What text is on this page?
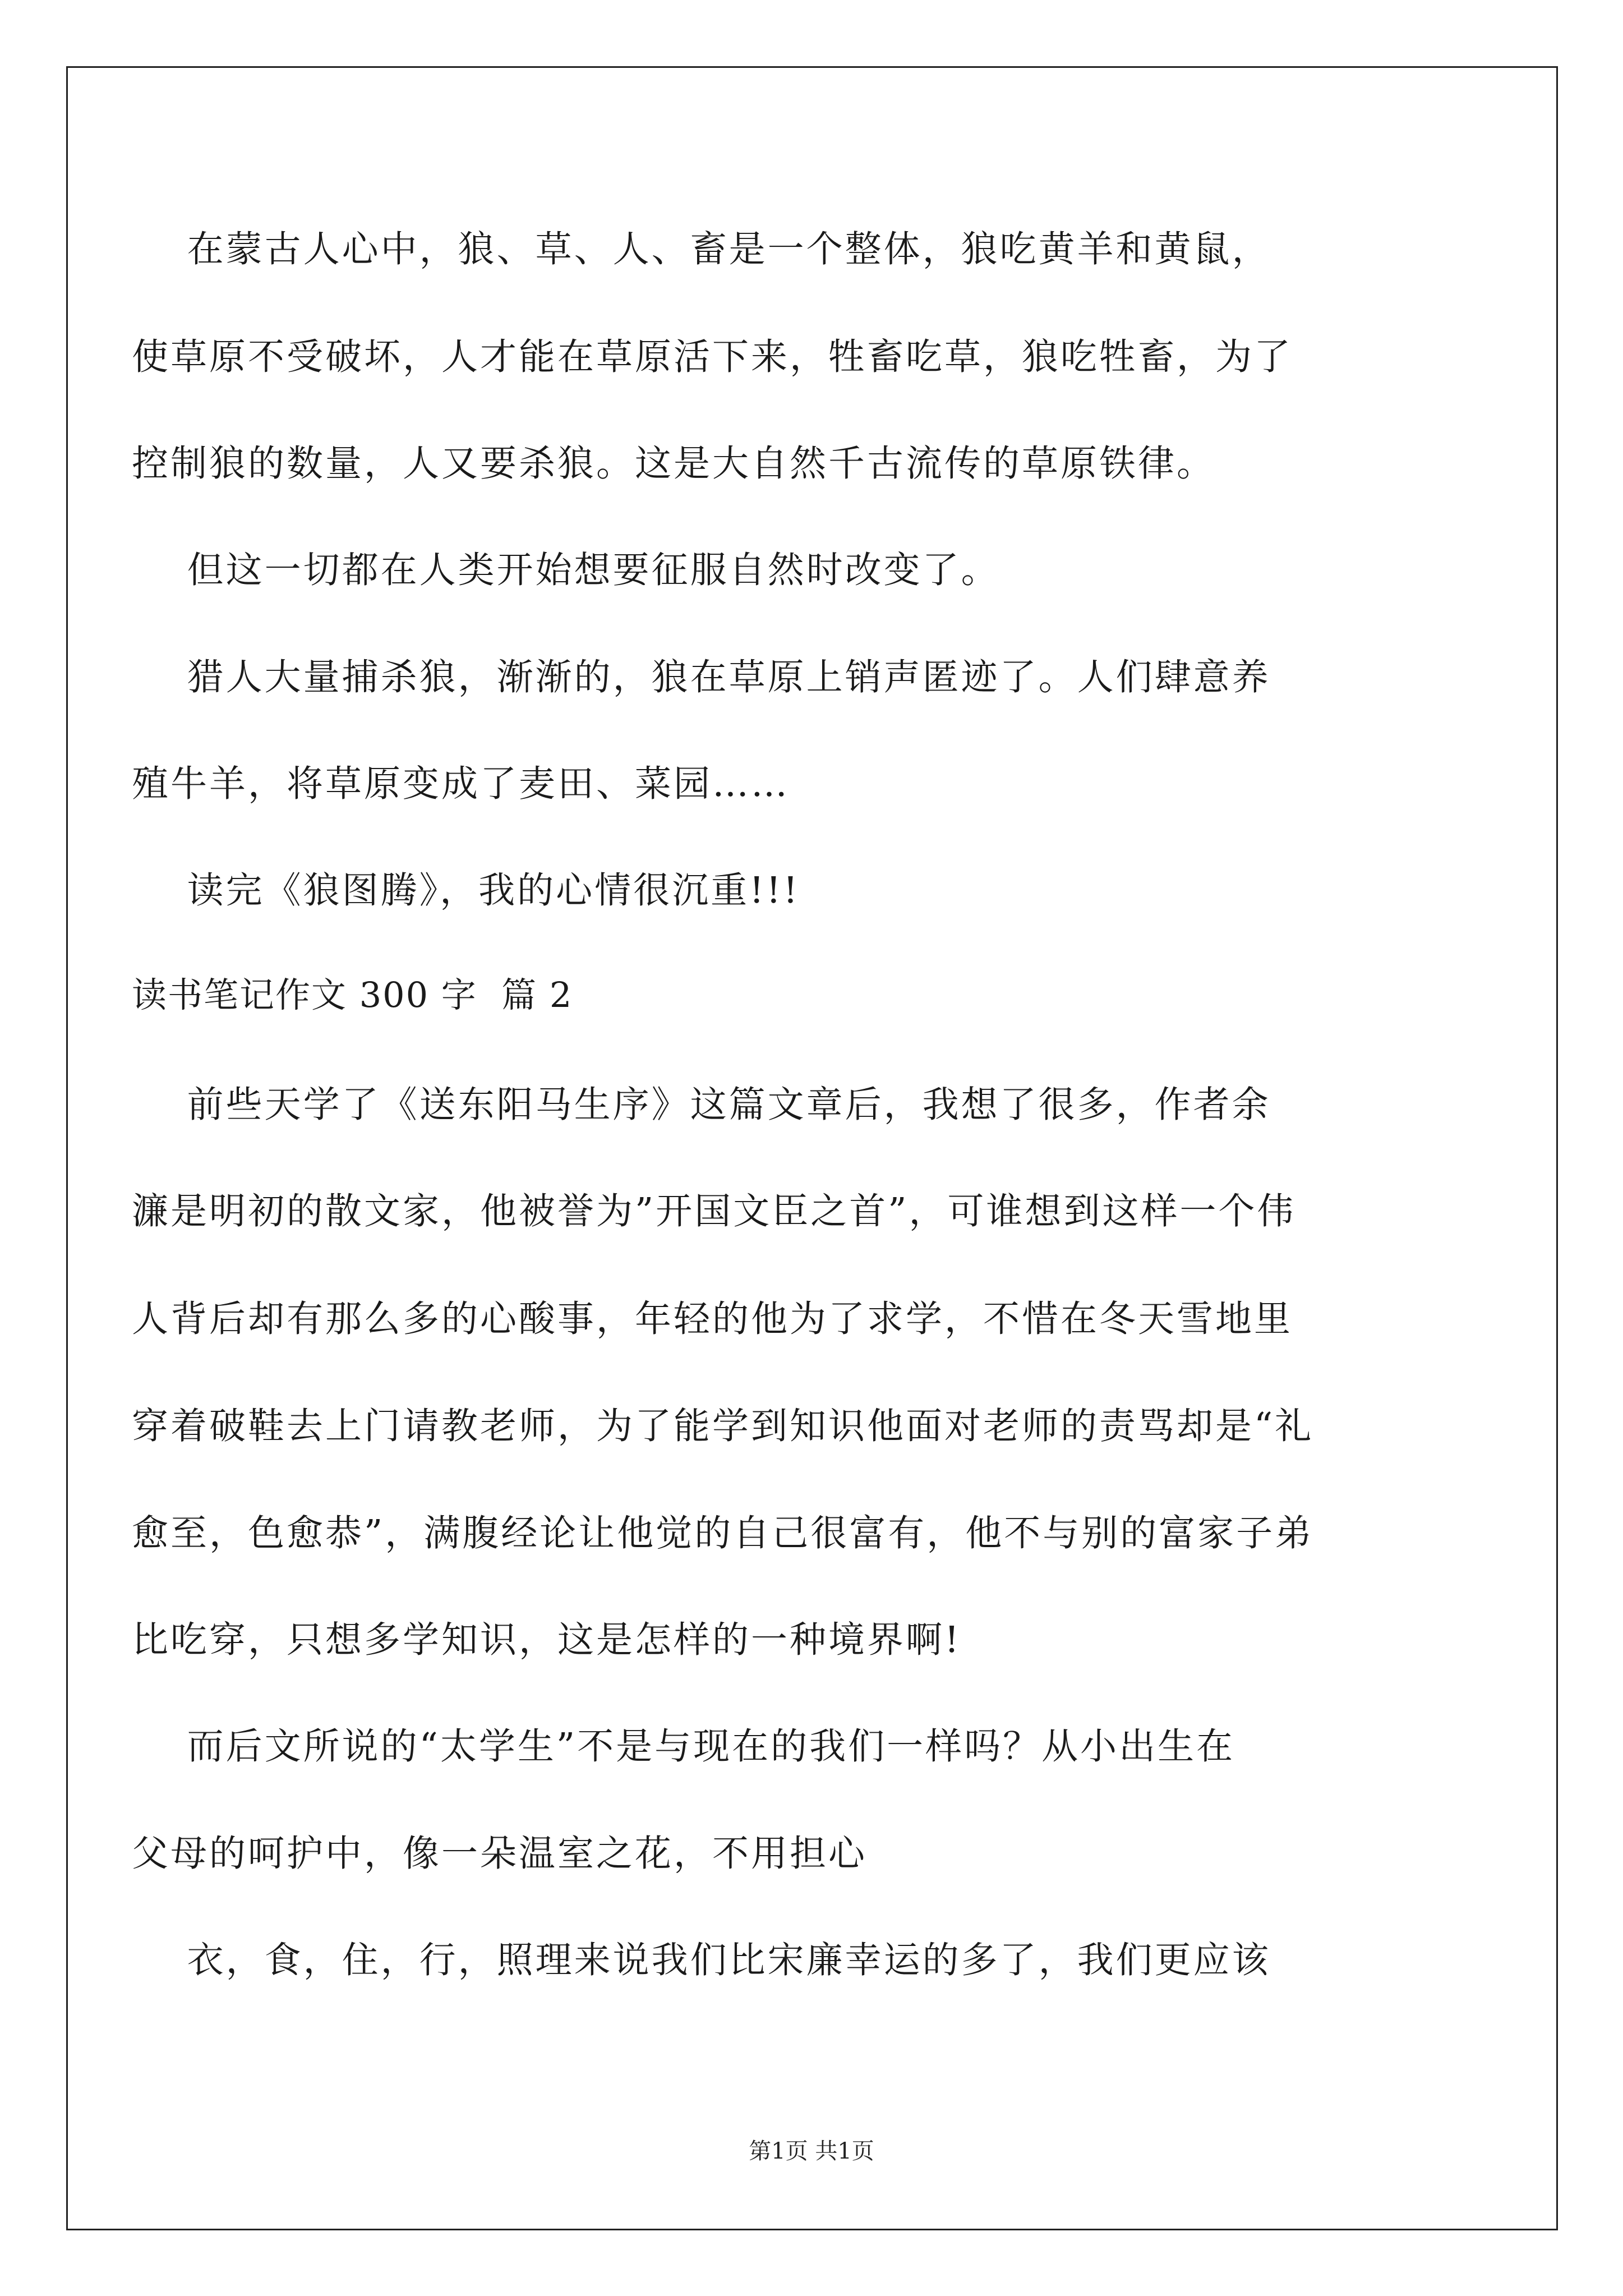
在蒙古人心中，狼、草、人、畜是一个整体，狼吃黄羊和黄鼠，
使草原不受破坏，人才能在草原活下来，牲畜吃草，狼吃牲畜，为了
控制狼的数量，人又要杀狼。这是大自然千古流传的草原铁律。
但这一切都在人类开始想要征服自然时改变了。
猎人大量捕杀狼，渐渐的，狼在草原上销声匿迹了。人们肆意养
殖牛羊，将草原变成了麦田、菜园……
读完《狼图腾》，我的心情很沉重!!!
读书笔记作文 300 字  篇 2
前些天学了《送东阳马生序》这篇文章后，我想了很多，作者余
濂是明初的散文家，他被誉为”开国文臣之首”，可谁想到这样一个伟
人背后却有那么多的心酸事，年轻的他为了求学，不惜在冬天雪地里
穿着破鞋去上门请教老师，为了能学到知识他面对老师的责骂却是“礼
愈至，色愈恭”，满腹经论让他觉的自己很富有，他不与别的富家子弟
比吃穿，只想多学知识，这是怎样的一种境界啊!
而后文所说的“太学生”不是与现在的我们一样吗？从小出生在
父母的呵护中，像一朵温室之花，不用担心
衣，食，住，行，照理来说我们比宋廉幸运的多了，我们更应该
第1页 共1页
